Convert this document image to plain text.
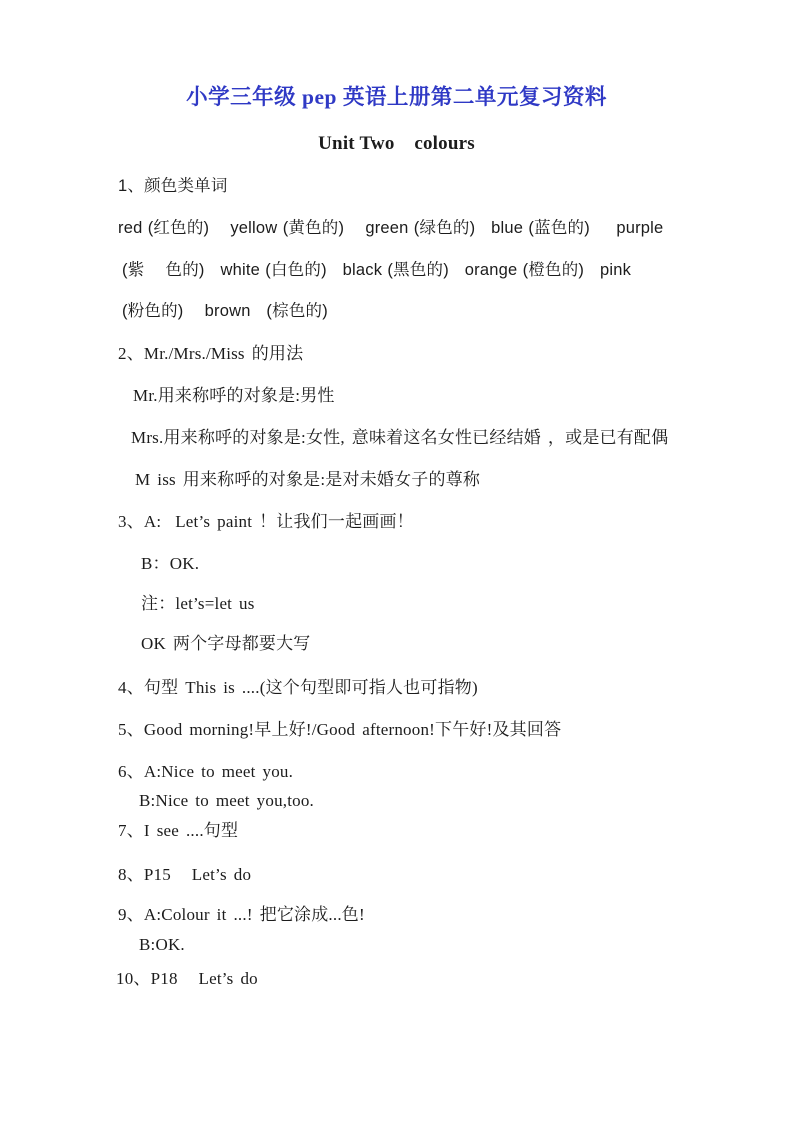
小学三年级 pep 英语上册第二单元复习资料
Unit Two    colours
1、颜色类单词
red (红色的)    yellow (黄色的)    green (绿色的)   blue (蓝色的)     purple
(紫    色的)   white (白色的)   black (黑色的)   orange (橙色的)   pink
(粉色的)    brown   (棕色的)
2、Mr./Mrs./Miss 的用法
Mr.用来称呼的对象是:男性
Mrs.用来称呼的对象是:女性, 意味着这名女性已经结婚 ，或是已有配偶
M iss 用来称呼的对象是:是对未婚女子的尊称
3、A:  Let’s paint ！让我们一起画画！
B：OK.
注：let’s=let us
OK 两个字母都要大写
4、句型 This is ....(这个句型即可指人也可指物)
5、Good morning!早上好!/Good afternoon!下午好!及其回答
6、A:Nice to meet you.
B:Nice to meet you,too.
7、I see ....句型
8、P15   Let’s do
9、A:Colour it ...! 把它涂成...色!
B:OK.
10、P18   Let’s do
